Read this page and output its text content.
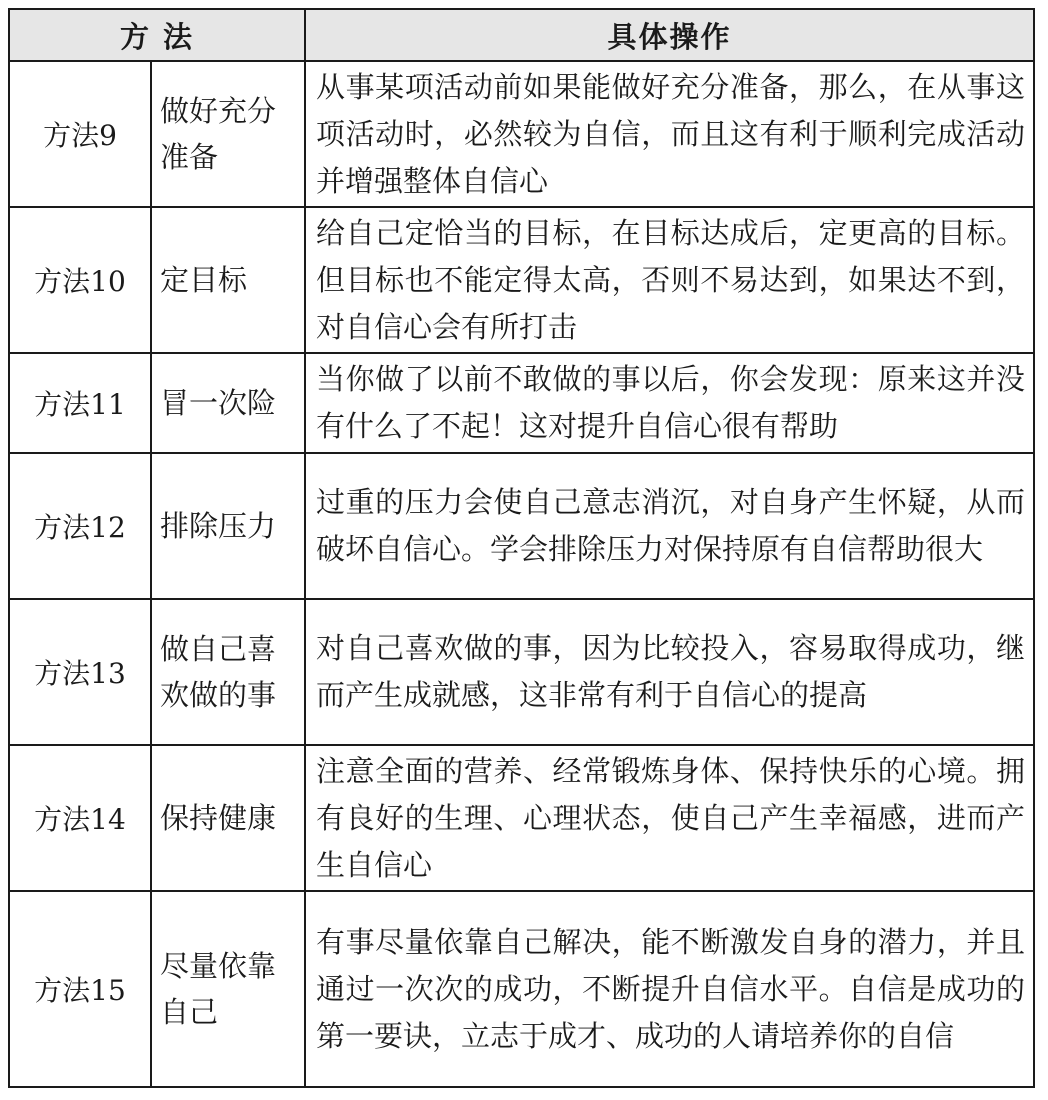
方 法		具体操作
方法9	做好充分准备	从事某项活动前如果能做好充分准备，那么，在从事这项活动时，必然较为自信，而且这有利于顺利完成活动并增强整体自信心
方法10	定目标	给自己定恰当的目标，在目标达成后，定更高的目标。但目标也不能定得太高，否则不易达到，如果达不到，对自信心会有所打击
方法11	冒一次险	当你做了以前不敢做的事以后，你会发现：原来这并没有什么了不起！这对提升自信心很有帮助
方法12	排除压力	过重的压力会使自己意志消沉，对自身产生怀疑，从而破坏自信心。学会排除压力对保持原有自信帮助很大
方法13	做自己喜欢做的事	对自己喜欢做的事，因为比较投入，容易取得成功，继而产生成就感，这非常有利于自信心的提高
方法14	保持健康	注意全面的营养、经常锻炼身体、保持快乐的心境。拥有良好的生理、心理状态，使自己产生幸福感，进而产生自信心
方法15	尽量依靠自己	有事尽量依靠自己解决，能不断激发自身的潜力，并且通过一次次的成功，不断提升自信水平。自信是成功的第一要诀，立志于成才、成功的人请培养你的自信
